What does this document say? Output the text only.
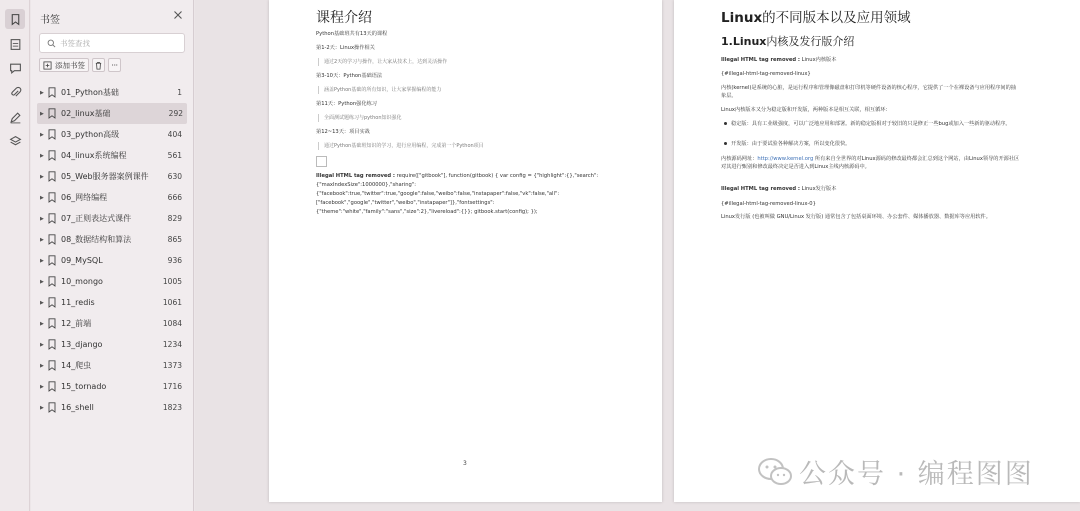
书签
书签查找
添加书签	···
▶ 01_Python基础	1
▶ 02_linux基础	292
▶ 03_python高级	404
▶ 04_linux系统编程	561
▶ 05_Web服务器案例课件	630
▶ 06_网络编程	666
▶ 07_正则表达式课件	829
▶ 08_数据结构和算法	865
▶ 09_MySQL	936
▶ 10_mongo	1005
▶ 11_redis	1061
▶ 12_前端	1084
▶ 13_django	1234
▶ 14_爬虫	1373
▶ 15_tornado	1716
▶ 16_shell	1823
课程介绍
Python基础班共有13天的课程
第1-2天：Linux操作相关
通过2天的学习与操作，让大家从技术上，达到灵活操作
第3-10天：Python基础语法
涵盖Python基础的所有知识，让大家掌握编程的能力
第11天：Python强化练习
全面测试题练习与python知识强化
第12~13天：项目实战
通过Python基础班知识的学习，进行应用编程，完成第一个Python项目
Illegal HTML tag removed : require(["gitbook"], function(gitbook) { var config = {"highlight":{},"search":
{"maxIndexSize":1000000},"sharing":
{"facebook":true,"twitter":true,"google":false,"weibo":false,"instapaper":false,"vk":false,"all":
["facebook","google","twitter","weibo","instapaper"]},"fontsettings":
{"theme":"white","family":"sans","size":2},"livereload":{}}; gitbook.start(config); });
3
Linux的不同版本以及应用领域
1.Linux内核及发行版介绍
Illegal HTML tag removed : Linux内核版本
{#illegal-html-tag-removed-linux}
内核(kernel)是系统的心脏，是运行程序和管理像磁盘和打印机等硬件设备的核心程序，它提供了一个在裸设备与应用程序间的抽象层。
Linux内核版本又分为稳定版和开发版，两种版本是相互关联，相互循环：
稳定版：具有工业级强度，可以广泛地应用和部署。新的稳定版相对于较旧的只是修正一些bug或加入一些新的驱动程序。
开发版：由于要试验各种解决方案，所以变化很快。
内核源码网址：http://www.kernel.org 所有来自全世界的对Linux源码的修改最终都会汇总到这个网站，由Linux领导的开源社区对其进行甄别和修改最终决定是否进入到Linux主线内核源码中。
Illegal HTML tag removed : Linux发行版本
{#illegal-html-tag-removed-linux-0}
Linux发行版 (也被叫做 GNU/Linux 发行版) 通常包含了包括桌面环境、办公套件、媒体播放器、数据库等应用软件。
公众号 · 编程图图
